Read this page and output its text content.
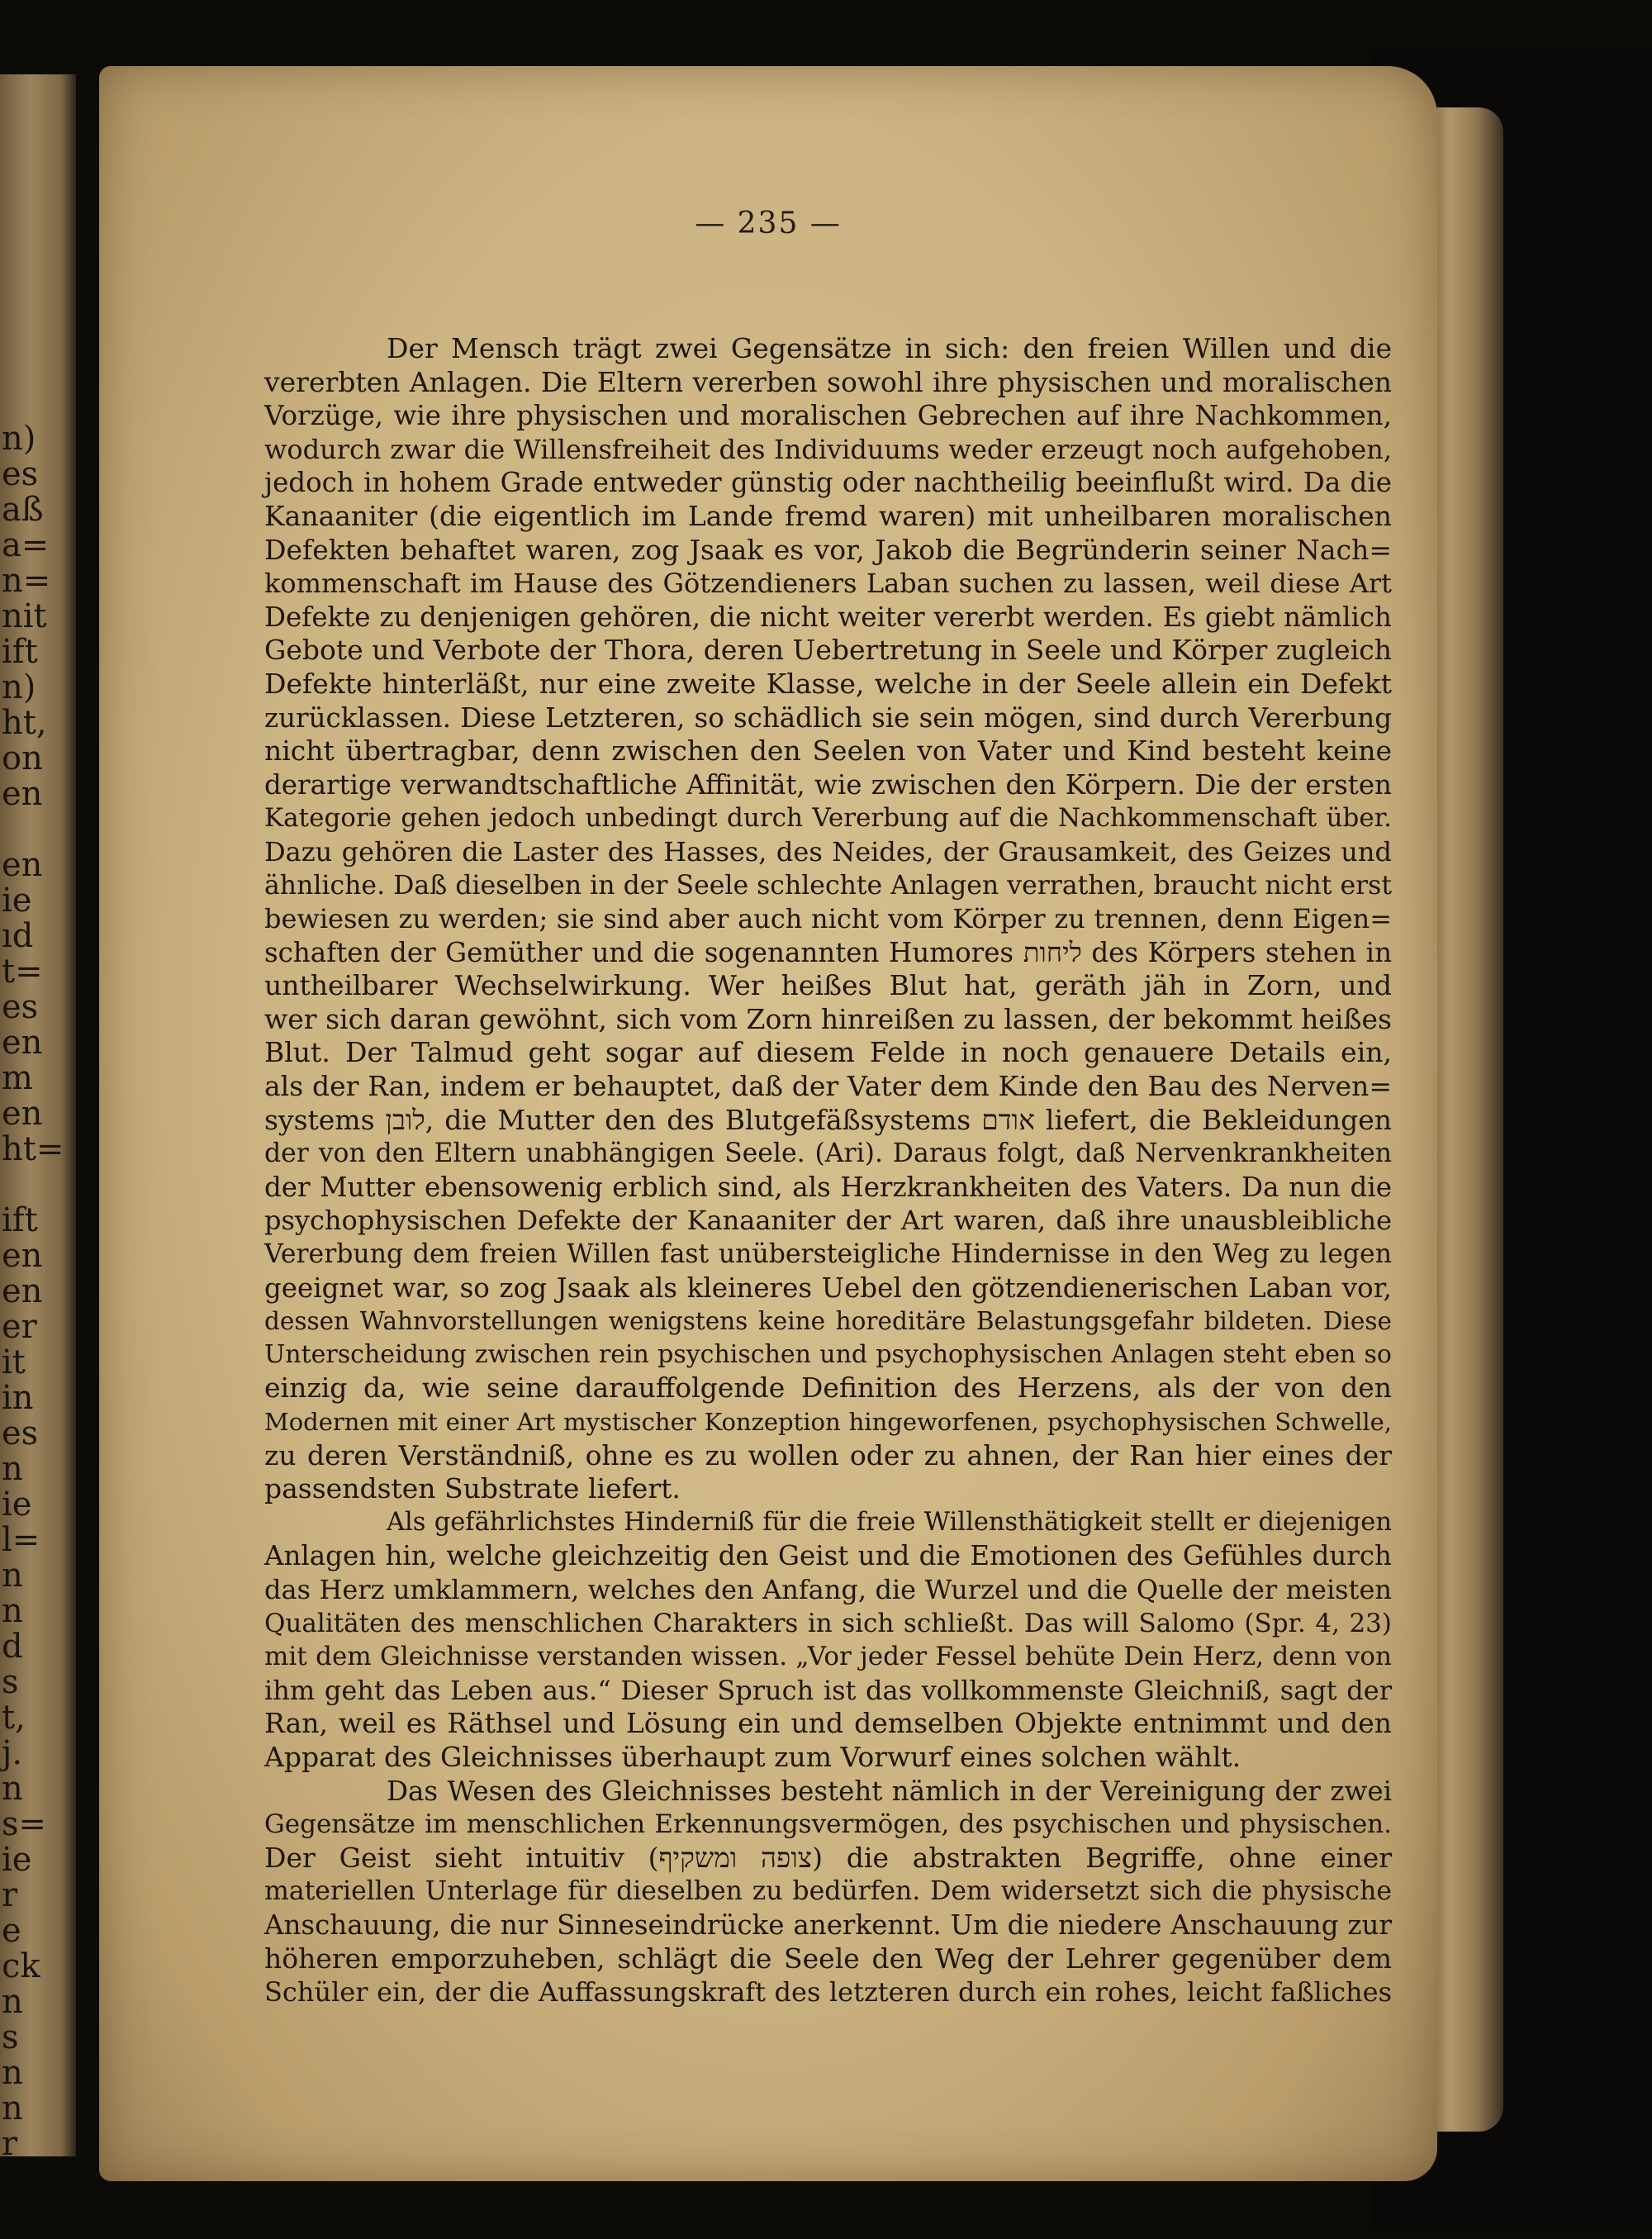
n)
es
aß
a=
n=
nit
ift
n)
ht,
on
en

en
ie
ıd
t=
es
en
m
en
ht=

ift
en
en
er
it
in
es
n
ie
l=
n
n
d
s
t,
j.
n
s=
ie
r
e
ck
n
s
n
n
r
— 235 —
Der Mensch trägt zwei Gegensätze in sich: den freien Willen und die
vererbten Anlagen. Die Eltern vererben sowohl ihre physischen und moralischen
Vorzüge, wie ihre physischen und moralischen Gebrechen auf ihre Nachkommen,
wodurch zwar die Willensfreiheit des Individuums weder erzeugt noch aufgehoben,
jedoch in hohem Grade entweder günstig oder nachtheilig beeinflußt wird. Da die
Kanaaniter (die eigentlich im Lande fremd waren) mit unheilbaren moralischen
Defekten behaftet waren, zog Jsaak es vor, Jakob die Begründerin seiner Nach=
kommenschaft im Hause des Götzendieners Laban suchen zu lassen, weil diese Art
Defekte zu denjenigen gehören, die nicht weiter vererbt werden. Es giebt nämlich
Gebote und Verbote der Thora, deren Uebertretung in Seele und Körper zugleich
Defekte hinterläßt, nur eine zweite Klasse, welche in der Seele allein ein Defekt
zurücklassen. Diese Letzteren, so schädlich sie sein mögen, sind durch Vererbung
nicht übertragbar, denn zwischen den Seelen von Vater und Kind besteht keine
derartige verwandtschaftliche Affinität, wie zwischen den Körpern. Die der ersten
Kategorie gehen jedoch unbedingt durch Vererbung auf die Nachkommenschaft über.
Dazu gehören die Laster des Hasses, des Neides, der Grausamkeit, des Geizes und
ähnliche. Daß dieselben in der Seele schlechte Anlagen verrathen, braucht nicht erst
bewiesen zu werden; sie sind aber auch nicht vom Körper zu trennen, denn Eigen=
schaften der Gemüther und die sogenannten Humores ליחות des Körpers stehen in
untheilbarer Wechselwirkung. Wer heißes Blut hat, geräth jäh in Zorn, und
wer sich daran gewöhnt, sich vom Zorn hinreißen zu lassen, der bekommt heißes
Blut. Der Talmud geht sogar auf diesem Felde in noch genauere Details ein,
als der Ran, indem er behauptet, daß der Vater dem Kinde den Bau des Nerven=
systems לובן, die Mutter den des Blutgefäßsystems אודם liefert, die Bekleidungen
der von den Eltern unabhängigen Seele. (Ari). Daraus folgt, daß Nervenkrankheiten
der Mutter ebensowenig erblich sind, als Herzkrankheiten des Vaters. Da nun die
psychophysischen Defekte der Kanaaniter der Art waren, daß ihre unausbleibliche
Vererbung dem freien Willen fast unübersteigliche Hindernisse in den Weg zu legen
geeignet war, so zog Jsaak als kleineres Uebel den götzendienerischen Laban vor,
dessen Wahnvorstellungen wenigstens keine horeditäre Belastungsgefahr bildeten. Diese
Unterscheidung zwischen rein psychischen und psychophysischen Anlagen steht eben so
einzig da, wie seine darauffolgende Definition des Herzens, als der von den
Modernen mit einer Art mystischer Konzeption hingeworfenen, psychophysischen Schwelle,
zu deren Verständniß, ohne es zu wollen oder zu ahnen, der Ran hier eines der
passendsten Substrate liefert.
Als gefährlichstes Hinderniß für die freie Willensthätigkeit stellt er diejenigen
Anlagen hin, welche gleichzeitig den Geist und die Emotionen des Gefühles durch
das Herz umklammern, welches den Anfang, die Wurzel und die Quelle der meisten
Qualitäten des menschlichen Charakters in sich schließt. Das will Salomo (Spr. 4, 23)
mit dem Gleichnisse verstanden wissen. „Vor jeder Fessel behüte Dein Herz, denn von
ihm geht das Leben aus.“ Dieser Spruch ist das vollkommenste Gleichniß, sagt der
Ran, weil es Räthsel und Lösung ein und demselben Objekte entnimmt und den
Apparat des Gleichnisses überhaupt zum Vorwurf eines solchen wählt.
Das Wesen des Gleichnisses besteht nämlich in der Vereinigung der zwei
Gegensätze im menschlichen Erkennungsvermögen, des psychischen und physischen.
Der Geist sieht intuitiv (צופה ומשקיף) die abstrakten Begriffe, ohne einer
materiellen Unterlage für dieselben zu bedürfen. Dem widersetzt sich die physische
Anschauung, die nur Sinneseindrücke anerkennt. Um die niedere Anschauung zur
höheren emporzuheben, schlägt die Seele den Weg der Lehrer gegenüber dem
Schüler ein, der die Auffassungskraft des letzteren durch ein rohes, leicht faßliches
